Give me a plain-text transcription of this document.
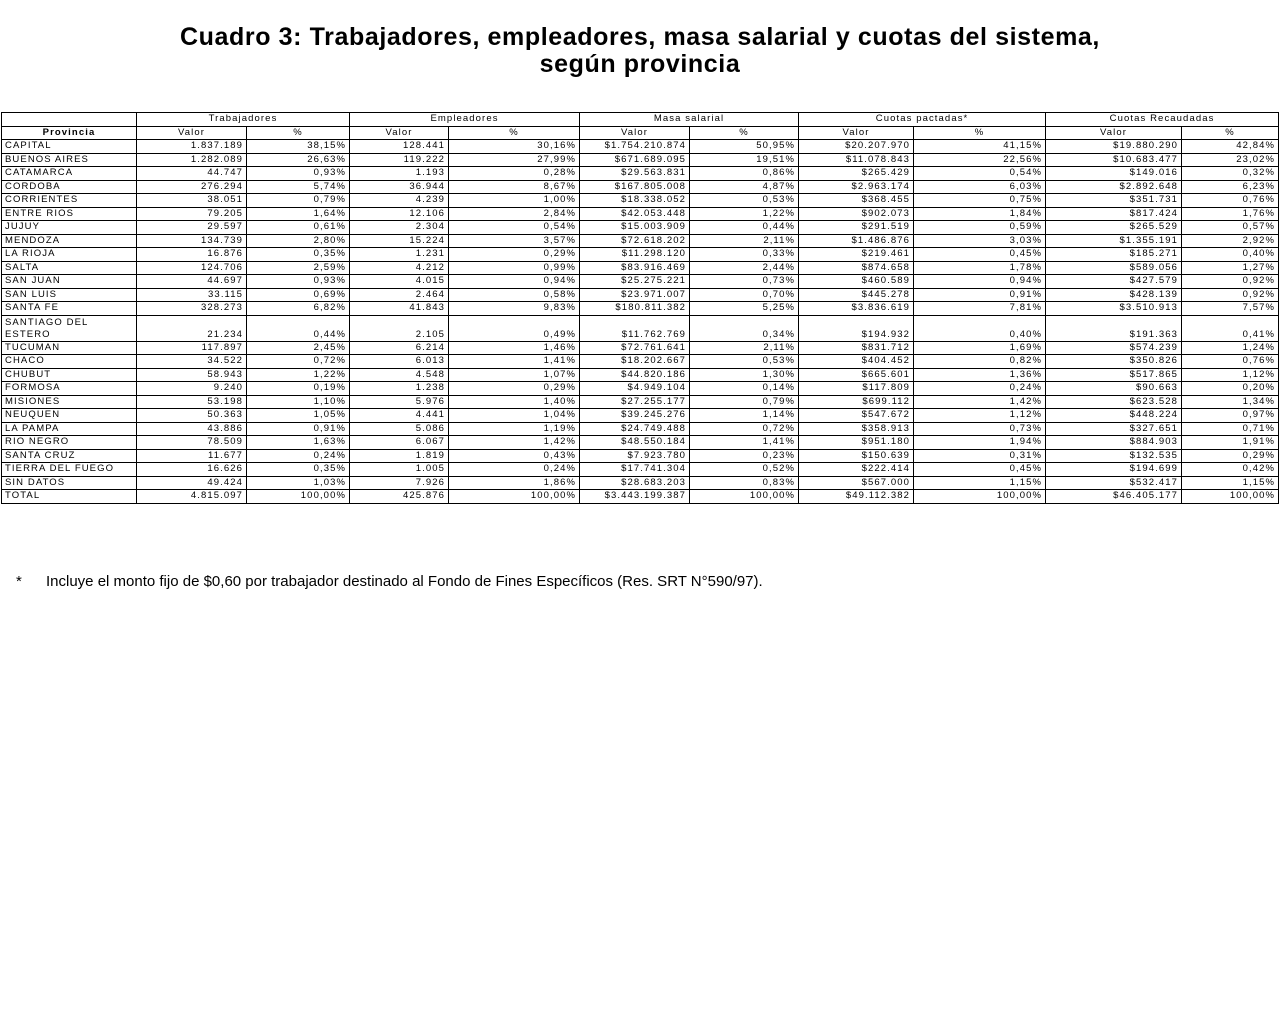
Cuadro 3: Trabajadores, empleadores, masa salarial y cuotas del sistema,
según provincia
	Trabajadores		Empleadores		Masa salarial		Cuotas pactadas*		Cuotas Recaudadas	
Provincia	Valor	%	Valor	%	Valor	%	Valor	%	Valor	%
CAPITAL	1.837.189	38,15%	128.441	30,16%	$1.754.210.874	50,95%	$20.207.970	41,15%	$19.880.290	42,84%
BUENOS AIRES	1.282.089	26,63%	119.222	27,99%	$671.689.095	19,51%	$11.078.843	22,56%	$10.683.477	23,02%
CATAMARCA	44.747	0,93%	1.193	0,28%	$29.563.831	0,86%	$265.429	0,54%	$149.016	0,32%
CORDOBA	276.294	5,74%	36.944	8,67%	$167.805.008	4,87%	$2.963.174	6,03%	$2.892.648	6,23%
CORRIENTES	38.051	0,79%	4.239	1,00%	$18.338.052	0,53%	$368.455	0,75%	$351.731	0,76%
ENTRE RIOS	79.205	1,64%	12.106	2,84%	$42.053.448	1,22%	$902.073	1,84%	$817.424	1,76%
JUJUY	29.597	0,61%	2.304	0,54%	$15.003.909	0,44%	$291.519	0,59%	$265.529	0,57%
MENDOZA	134.739	2,80%	15.224	3,57%	$72.618.202	2,11%	$1.486.876	3,03%	$1.355.191	2,92%
LA RIOJA	16.876	0,35%	1.231	0,29%	$11.298.120	0,33%	$219.461	0,45%	$185.271	0,40%
SALTA	124.706	2,59%	4.212	0,99%	$83.916.469	2,44%	$874.658	1,78%	$589.056	1,27%
SAN JUAN	44.697	0,93%	4.015	0,94%	$25.275.221	0,73%	$460.589	0,94%	$427.579	0,92%
SAN LUIS	33.115	0,69%	2.464	0,58%	$23.971.007	0,70%	$445.278	0,91%	$428.139	0,92%
SANTA FE	328.273	6,82%	41.843	9,83%	$180.811.382	5,25%	$3.836.619	7,81%	$3.510.913	7,57%
SANTIAGO DEL ESTERO	21.234	0,44%	2.105	0,49%	$11.762.769	0,34%	$194.932	0,40%	$191.363	0,41%
TUCUMAN	117.897	2,45%	6.214	1,46%	$72.761.641	2,11%	$831.712	1,69%	$574.239	1,24%
CHACO	34.522	0,72%	6.013	1,41%	$18.202.667	0,53%	$404.452	0,82%	$350.826	0,76%
CHUBUT	58.943	1,22%	4.548	1,07%	$44.820.186	1,30%	$665.601	1,36%	$517.865	1,12%
FORMOSA	9.240	0,19%	1.238	0,29%	$4.949.104	0,14%	$117.809	0,24%	$90.663	0,20%
MISIONES	53.198	1,10%	5.976	1,40%	$27.255.177	0,79%	$699.112	1,42%	$623.528	1,34%
NEUQUEN	50.363	1,05%	4.441	1,04%	$39.245.276	1,14%	$547.672	1,12%	$448.224	0,97%
LA PAMPA	43.886	0,91%	5.086	1,19%	$24.749.488	0,72%	$358.913	0,73%	$327.651	0,71%
RIO NEGRO	78.509	1,63%	6.067	1,42%	$48.550.184	1,41%	$951.180	1,94%	$884.903	1,91%
SANTA CRUZ	11.677	0,24%	1.819	0,43%	$7.923.780	0,23%	$150.639	0,31%	$132.535	0,29%
TIERRA DEL FUEGO	16.626	0,35%	1.005	0,24%	$17.741.304	0,52%	$222.414	0,45%	$194.699	0,42%
SIN DATOS	49.424	1,03%	7.926	1,86%	$28.683.203	0,83%	$567.000	1,15%	$532.417	1,15%
TOTAL	4.815.097	100,00%	425.876	100,00%	$3.443.199.387	100,00%	$49.112.382	100,00%	$46.405.177	100,00%
* Incluye el monto fijo de $0,60 por trabajador destinado al Fondo de Fines Específicos (Res. SRT N°590/97).
